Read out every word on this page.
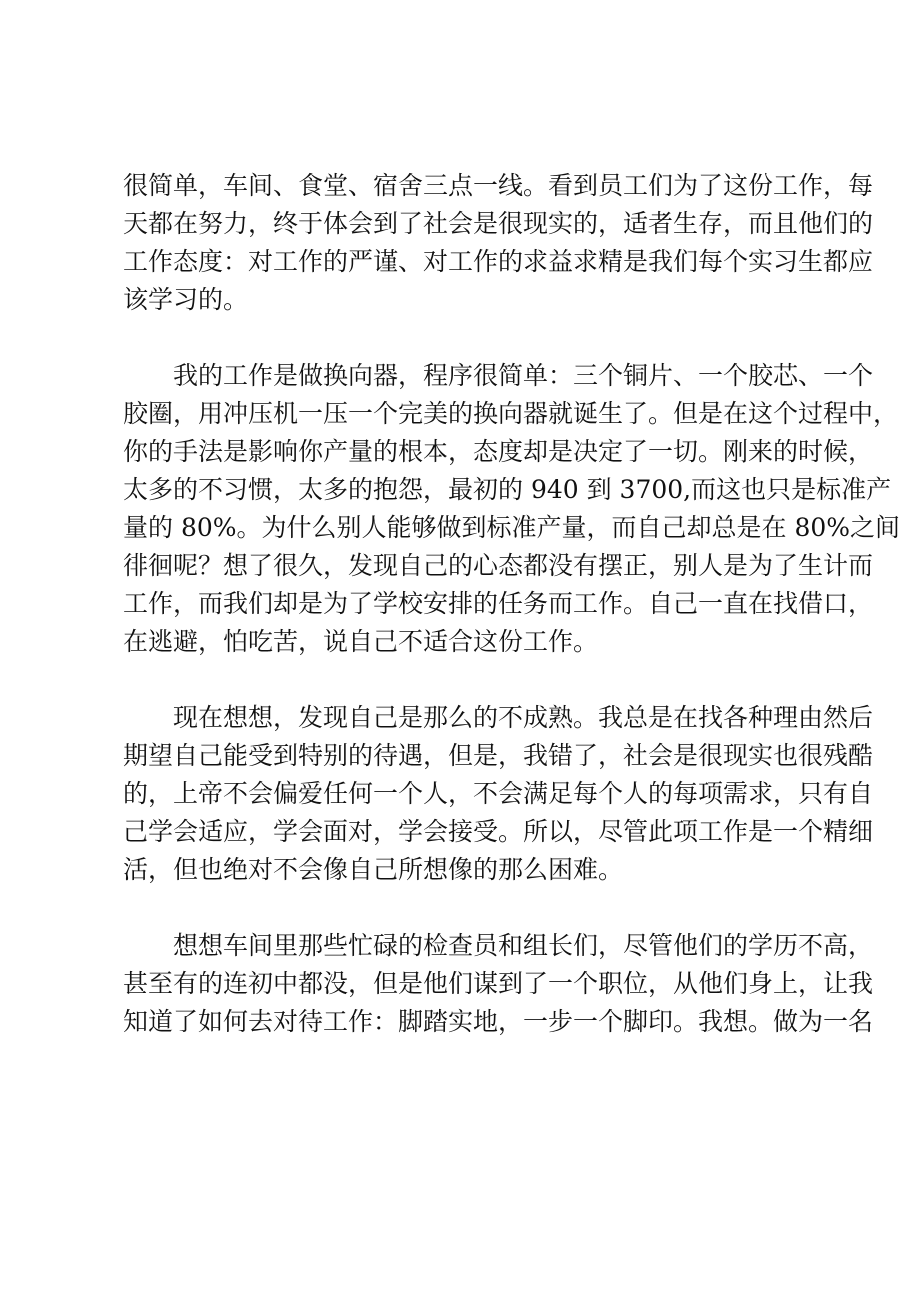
很简单，车间、食堂、宿舍三点一线。看到员工们为了这份工作，每
天都在努力，终于体会到了社会是很现实的，适者生存，而且他们的
工作态度：对工作的严谨、对工作的求益求精是我们每个实习生都应
该学习的。
我的工作是做换向器，程序很简单：三个铜片、一个胶芯、一个
胶圈，用冲压机一压一个完美的换向器就诞生了。但是在这个过程中，
你的手法是影响你产量的根本，态度却是决定了一切。刚来的时候，
太多的不习惯，太多的抱怨，最初的 940 到 3700,而这也只是标准产
量的 80%。为什么别人能够做到标准产量，而自己却总是在 80%之间
徘徊呢？想了很久，发现自己的心态都没有摆正，别人是为了生计而
工作，而我们却是为了学校安排的任务而工作。自己一直在找借口，
在逃避，怕吃苦，说自己不适合这份工作。
现在想想，发现自己是那么的不成熟。我总是在找各种理由然后
期望自己能受到特别的待遇，但是，我错了，社会是很现实也很残酷
的，上帝不会偏爱任何一个人，不会满足每个人的每项需求，只有自
己学会适应，学会面对，学会接受。所以，尽管此项工作是一个精细
活，但也绝对不会像自己所想像的那么困难。
想想车间里那些忙碌的检查员和组长们，尽管他们的学历不高，
甚至有的连初中都没，但是他们谋到了一个职位，从他们身上，让我
知道了如何去对待工作：脚踏实地，一步一个脚印。我想。做为一名
